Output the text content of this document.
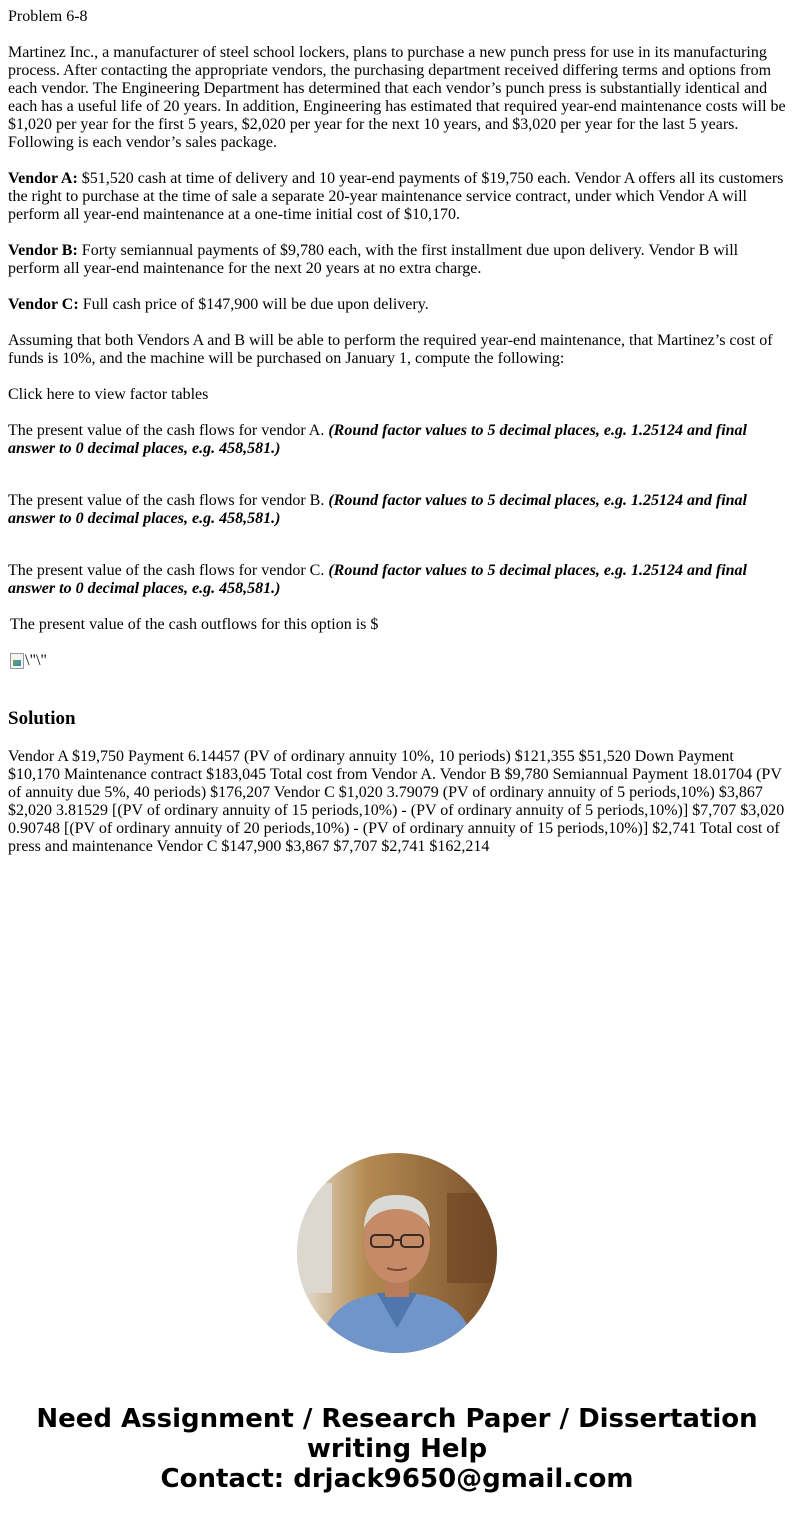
Problem 6-8

Martinez Inc., a manufacturer of steel school lockers, plans to purchase a new punch press for use in its manufacturing process. After contacting the appropriate vendors, the purchasing department received differing terms and options from each vendor. The Engineering Department has determined that each vendor’s punch press is substantially identical and each has a useful life of 20 years. In addition, Engineering has estimated that required year-end maintenance costs will be $1,020 per year for the first 5 years, $2,020 per year for the next 10 years, and $3,020 per year for the last 5 years. Following is each vendor’s sales package.

Vendor A: $51,520 cash at time of delivery and 10 year-end payments of $19,750 each. Vendor A offers all its customers the right to purchase at the time of sale a separate 20-year maintenance service contract, under which Vendor A will perform all year-end maintenance at a one-time initial cost of $10,170.

Vendor B: Forty semiannual payments of $9,780 each, with the first installment due upon delivery. Vendor B will perform all year-end maintenance for the next 20 years at no extra charge.

Vendor C: Full cash price of $147,900 will be due upon delivery.

Assuming that both Vendors A and B will be able to perform the required year-end maintenance, that Martinez’s cost of funds is 10%, and the machine will be purchased on January 1, compute the following:

Click here to view factor tables

The present value of the cash flows for vendor A. (Round factor values to 5 decimal places, e.g. 1.25124 and final answer to 0 decimal places, e.g. 458,581.)

The present value of the cash flows for vendor B. (Round factor values to 5 decimal places, e.g. 1.25124 and final answer to 0 decimal places, e.g. 458,581.)

The present value of the cash flows for vendor C. (Round factor values to 5 decimal places, e.g. 1.25124 and final answer to 0 decimal places, e.g. 458,581.)

The present value of the cash outflows for this option is $

\"\"

Solution

Vendor A $19,750 Payment 6.14457 (PV of ordinary annuity 10%, 10 periods) $121,355 $51,520 Down Payment $10,170 Maintenance contract $183,045 Total cost from Vendor A. Vendor B $9,780 Semiannual Payment 18.01704 (PV of annuity due 5%, 40 periods) $176,207 Vendor C $1,020 3.79079 (PV of ordinary annuity of 5 periods,10%) $3,867 $2,020 3.81529 [(PV of ordinary annuity of 15 periods,10%) - (PV of ordinary annuity of 5 periods,10%)] $7,707 $3,020 0.90748 [(PV of ordinary annuity of 20 periods,10%) - (PV of ordinary annuity of 15 periods,10%)] $2,741 Total cost of press and maintenance Vendor C $147,900 $3,867 $7,707 $2,741 $162,214

Need Assignment / Research Paper / Dissertation
writing Help
Contact: drjack9650@gmail.com
